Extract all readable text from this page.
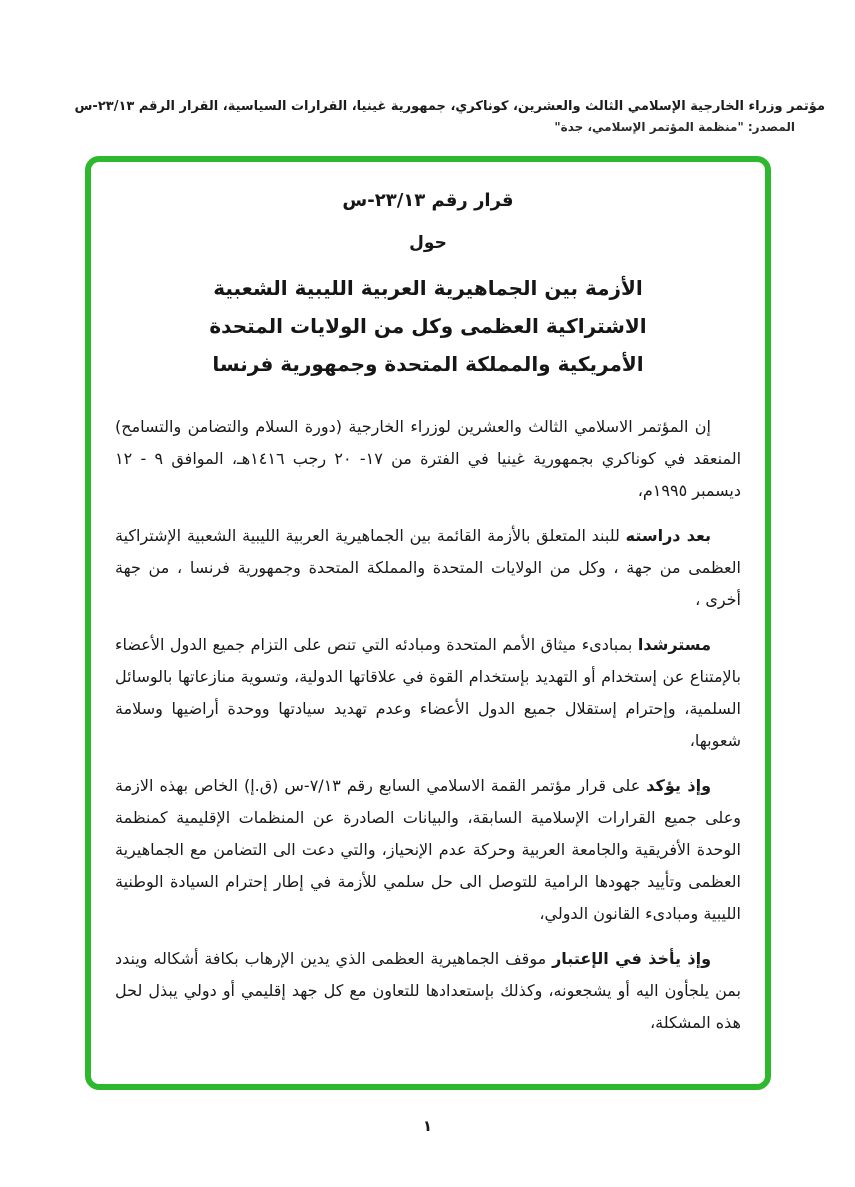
مؤتمر وزراء الخارجية الإسلامي الثالث والعشرين، كوناكري، جمهورية غينيا، القرارات السياسية، القرار الرقم ٢٣/١٣-س
المصدر: "منظمة المؤتمر الإسلامي، جدة"
قرار رقم ٢٣/١٣-س
حول
الأزمة بين الجماهيرية العربية الليبية الشعبية
الاشتراكية العظمى وكل من الولايات المتحدة
الأمريكية والمملكة المتحدة وجمهورية فرنسا

إن المؤتمر الاسلامي الثالث والعشرين لوزراء الخارجية (دورة السلام والتضامن والتسامح) المنعقد في كوناكري بجمهورية غينيا في الفترة من ١٧- ٢٠ رجب ١٤١٦هـ، الموافق ٩ - ١٢ ديسمبر ١٩٩٥م،

بعد دراسته للبند المتعلق بالأزمة القائمة بين الجماهيرية العربية الليبية الشعبية الإشتراكية العظمى من جهة ، وكل من الولايات المتحدة والمملكة المتحدة وجمهورية فرنسا ، من جهة أخرى ،

مسترشدا بمبادىء ميثاق الأمم المتحدة ومبادئه التي تنص على التزام جميع الدول الأعضاء بالإمتناع عن إستخدام أو التهديد بإستخدام القوة في علاقاتها الدولية، وتسوية منازعاتها بالوسائل السلمية، وإحترام إستقلال جميع الدول الأعضاء وعدم تهديد سيادتها ووحدة أراضيها وسلامة شعوبها،

وإذ يؤكد على قرار مؤتمر القمة الاسلامي السابع رقم ٧/١٣-س (ق.إ) الخاص بهذه الازمة وعلى جميع القرارات الإسلامية السابقة، والبيانات الصادرة عن المنظمات الإقليمية كمنظمة الوحدة الأفريقية والجامعة العربية وحركة عدم الإنحياز، والتي دعت الى التضامن مع الجماهيرية العظمى وتأييد جهودها الرامية للتوصل الى حل سلمي للأزمة في إطار إحترام السيادة الوطنية الليبية ومبادىء القانون الدولي،

وإذ يأخذ في الإعتبار موقف الجماهيرية العظمى الذي يدين الإرهاب بكافة أشكاله ويندد بمن يلجأون اليه أو يشجعونه، وكذلك بإستعدادها للتعاون مع كل جهد إقليمي أو دولي يبذل لحل هذه المشكلة،

١
